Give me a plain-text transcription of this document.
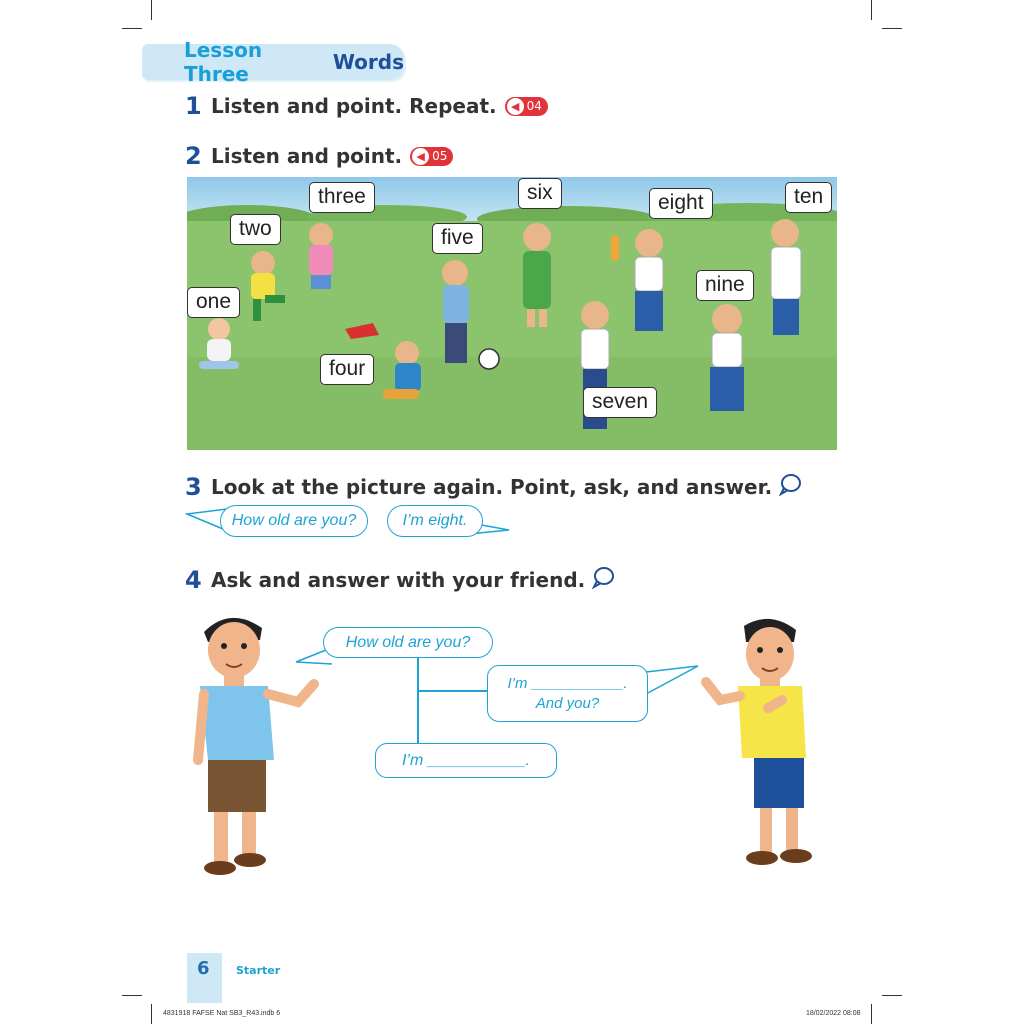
Lesson Three	Words
1 Listen and point. Repeat.	◀ 04
2 Listen and point.	◀ 05
one
two
three
four
five
six
seven
eight
nine
ten
3 Look at the picture again. Point, ask, and answer.
How old are you?	I’m eight.
4 Ask and answer with your friend.
How old are you?
I’m ___________.
And you?
I’m ___________.
6 Starter
4831918 FAFSE Nat SB3_R43.indb 6	18/02/2022 08:08
